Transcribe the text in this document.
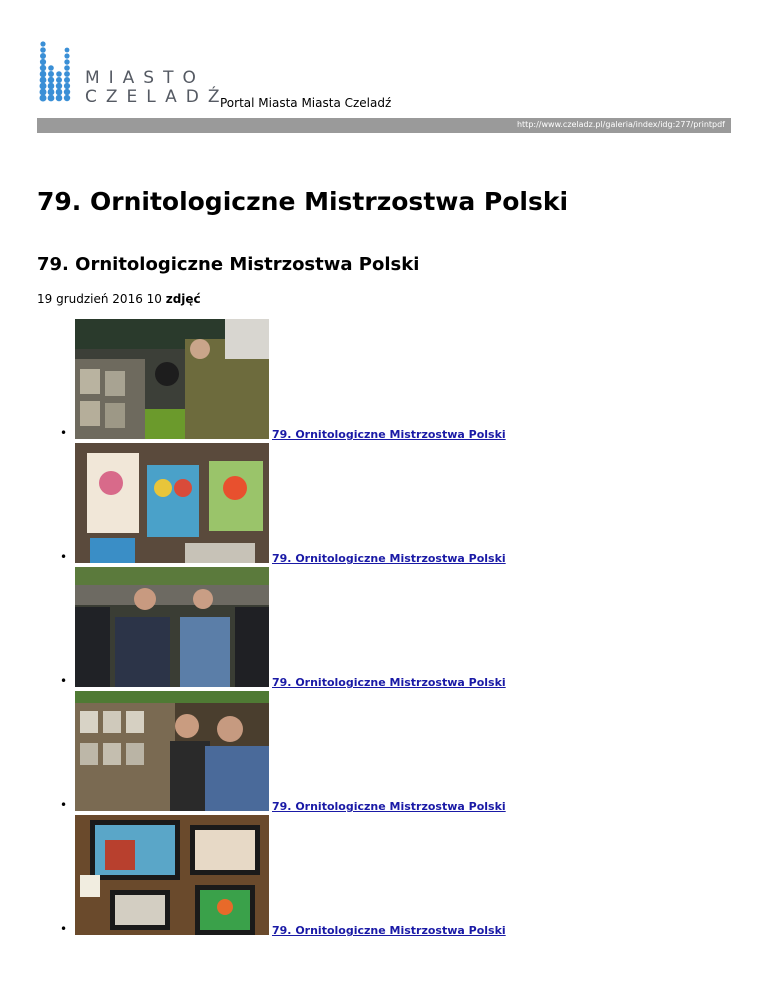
MIASTO
CZELADŹ
Portal Miasta Miasta Czeladź
http://www.czeladz.pl/galeria/index/idg:277/printpdf
79. Ornitologiczne Mistrzostwa Polski
79. Ornitologiczne Mistrzostwa Polski
19 grudzień 2016 10 zdjęć
•	79. Ornitologiczne Mistrzostwa Polski
•	79. Ornitologiczne Mistrzostwa Polski
•	79. Ornitologiczne Mistrzostwa Polski
•	79. Ornitologiczne Mistrzostwa Polski
•	79. Ornitologiczne Mistrzostwa Polski
